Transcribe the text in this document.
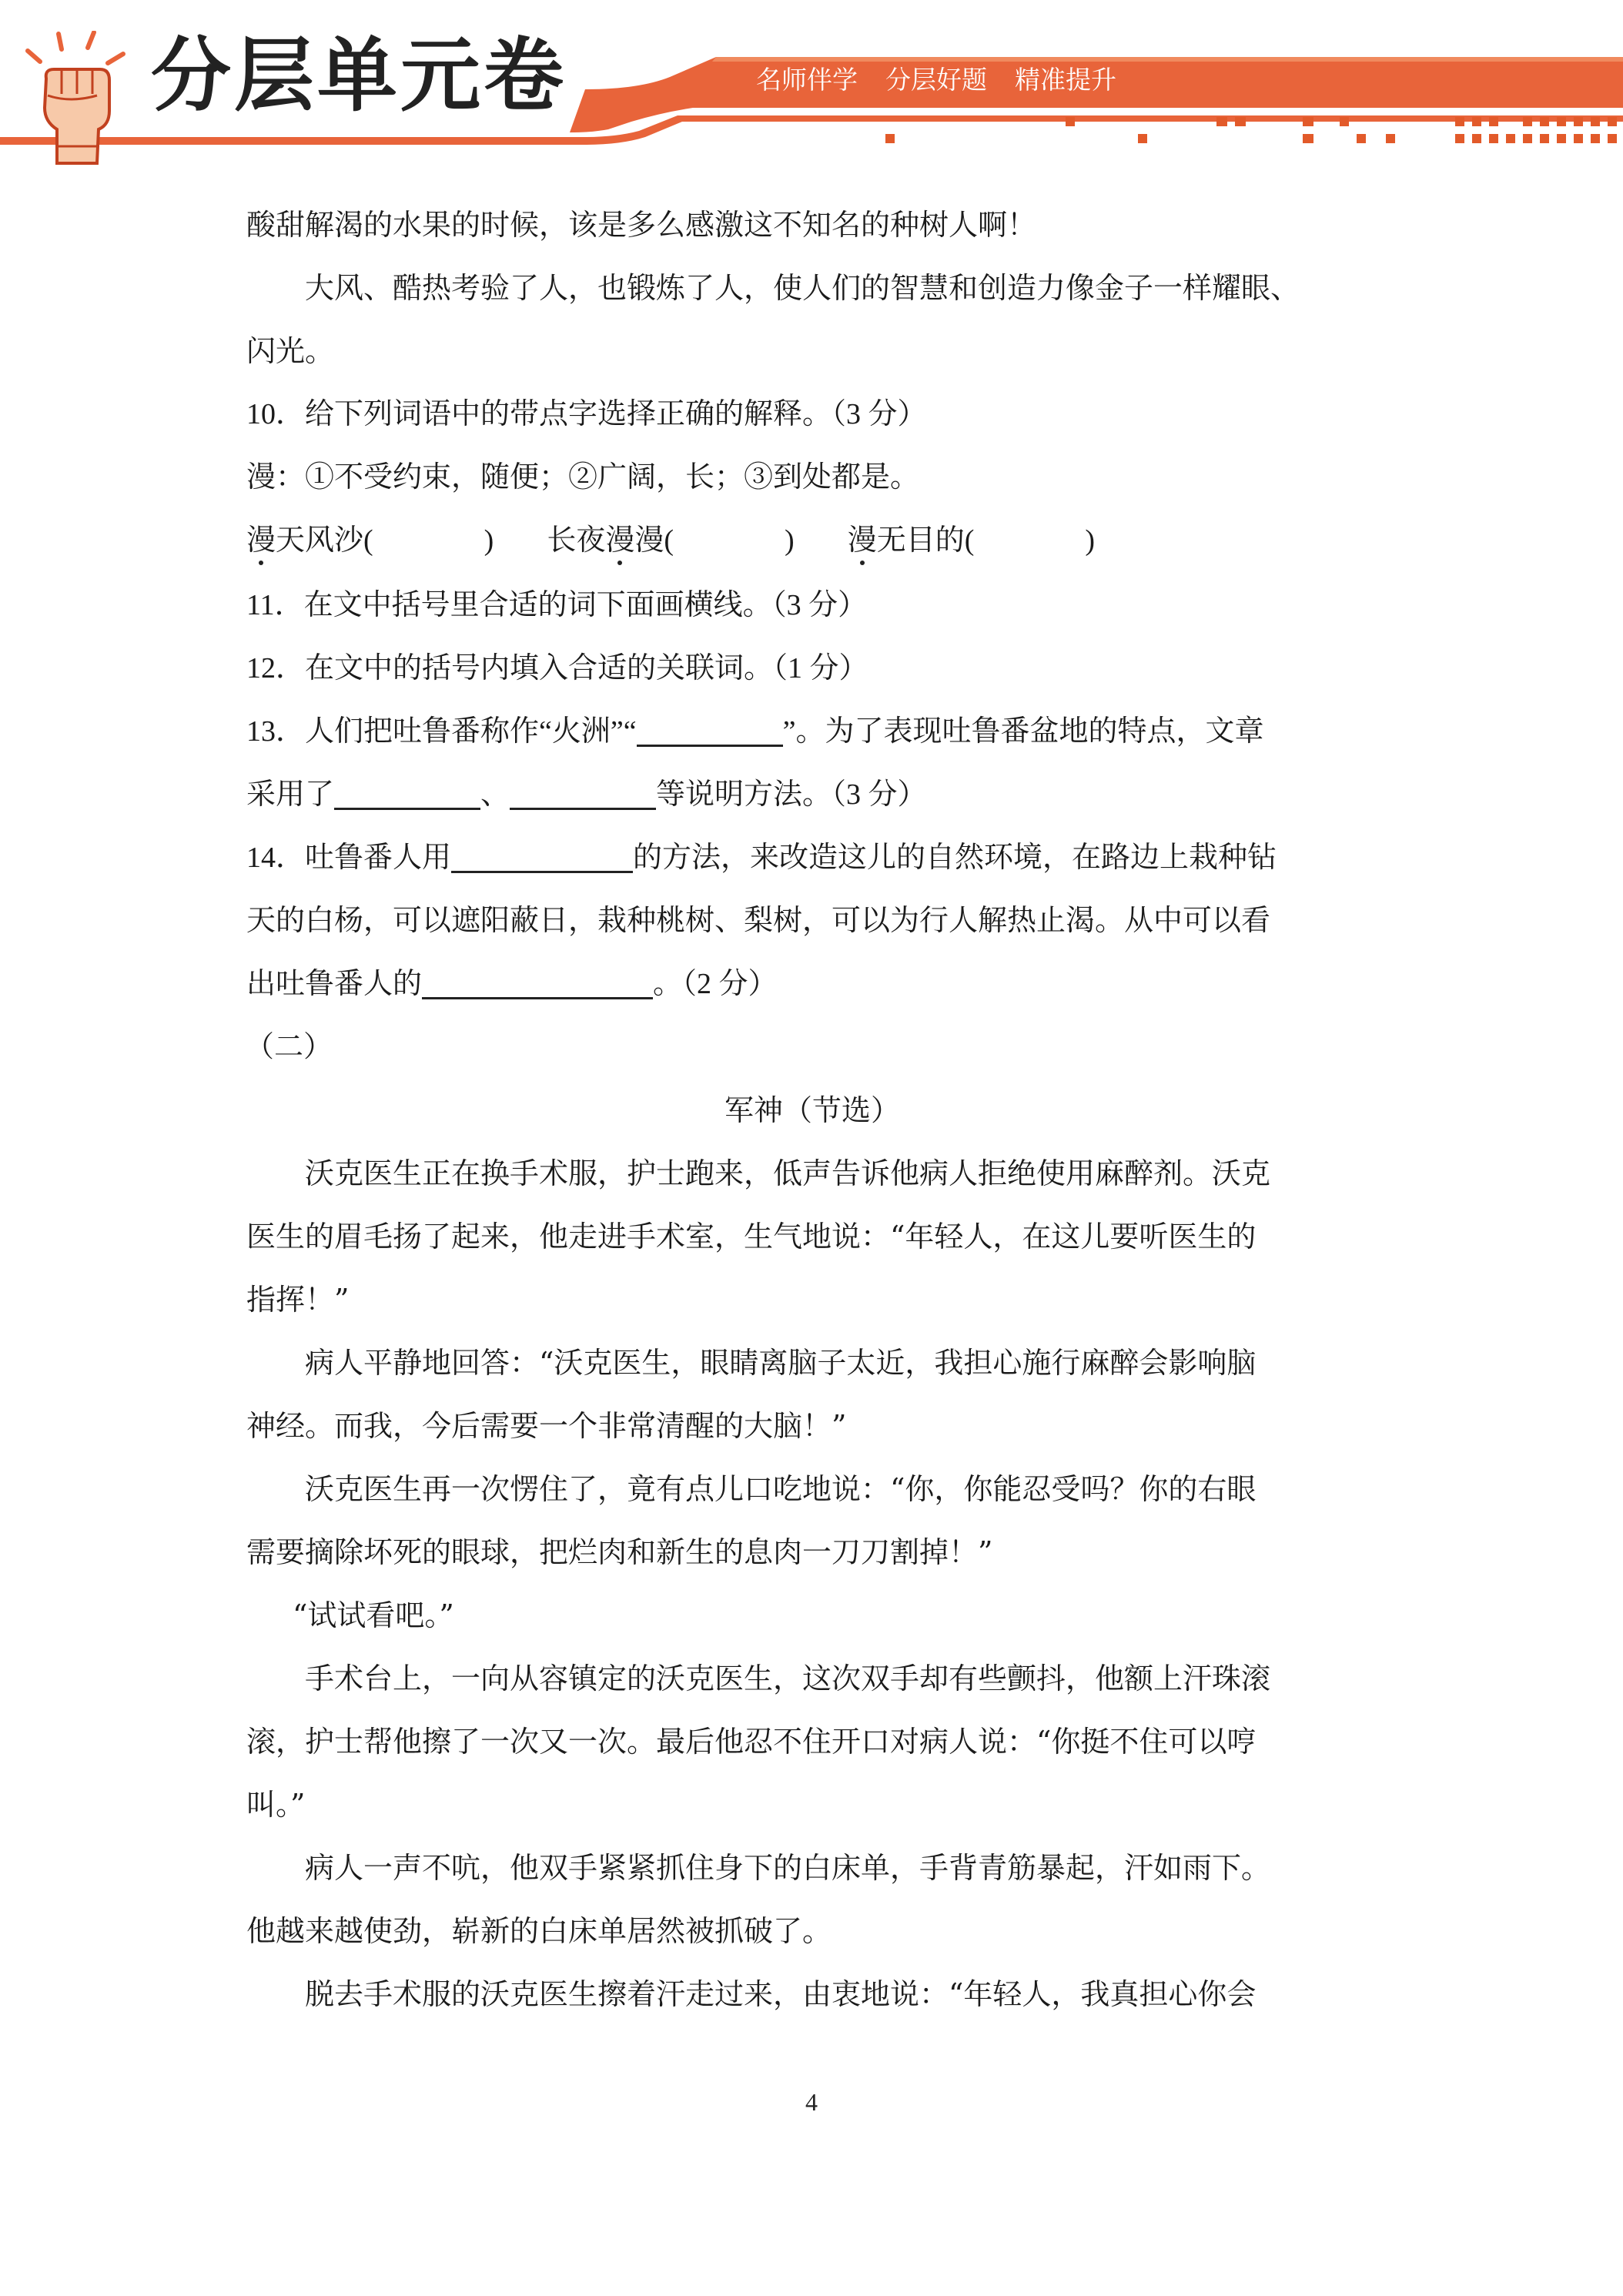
分层单元卷	名师伴学 分层好题 精准提升
酸甜解渴的水果的时候，该是多么感激这不知名的种树人啊！
大风、酷热考验了人，也锻炼了人，使人们的智慧和创造力像金子一样耀眼、
闪光。
10．给下列词语中的带点字选择正确的解释。（3 分）
漫：①不受约束，随便；②广阔，长；③到处都是。
漫天风沙(	) 长夜漫漫(	) 漫无目的(	)
11．在文中括号里合适的词下面画横线。（3 分）
12．在文中的括号内填入合适的关联词。（1 分）
13．人们把吐鲁番称作“火洲”“	”。为了表现吐鲁番盆地的特点，文章
采用了	、	等说明方法。（3 分）
14．吐鲁番人用	的方法，来改造这儿的自然环境，在路边上栽种钻
天的白杨，可以遮阳蔽日，栽种桃树、梨树，可以为行人解热止渴。从中可以看
出吐鲁番人的	。（2 分）
（二）
军神（节选）
沃克医生正在换手术服，护士跑来，低声告诉他病人拒绝使用麻醉剂。沃克
医生的眉毛扬了起来，他走进手术室，生气地说：“年轻人，在这儿要听医生的
指挥！”
病人平静地回答：“沃克医生，眼睛离脑子太近，我担心施行麻醉会影响脑
神经。而我，今后需要一个非常清醒的大脑！”
沃克医生再一次愣住了，竟有点儿口吃地说：“你，你能忍受吗？你的右眼
需要摘除坏死的眼球，把烂肉和新生的息肉一刀刀割掉！”
“试试看吧。”
手术台上，一向从容镇定的沃克医生，这次双手却有些颤抖，他额上汗珠滚
滚，护士帮他擦了一次又一次。最后他忍不住开口对病人说：“你挺不住可以哼
叫。”
病人一声不吭，他双手紧紧抓住身下的白床单，手背青筋暴起，汗如雨下。
他越来越使劲，崭新的白床单居然被抓破了。
脱去手术服的沃克医生擦着汗走过来，由衷地说：“年轻人，我真担心你会
4
